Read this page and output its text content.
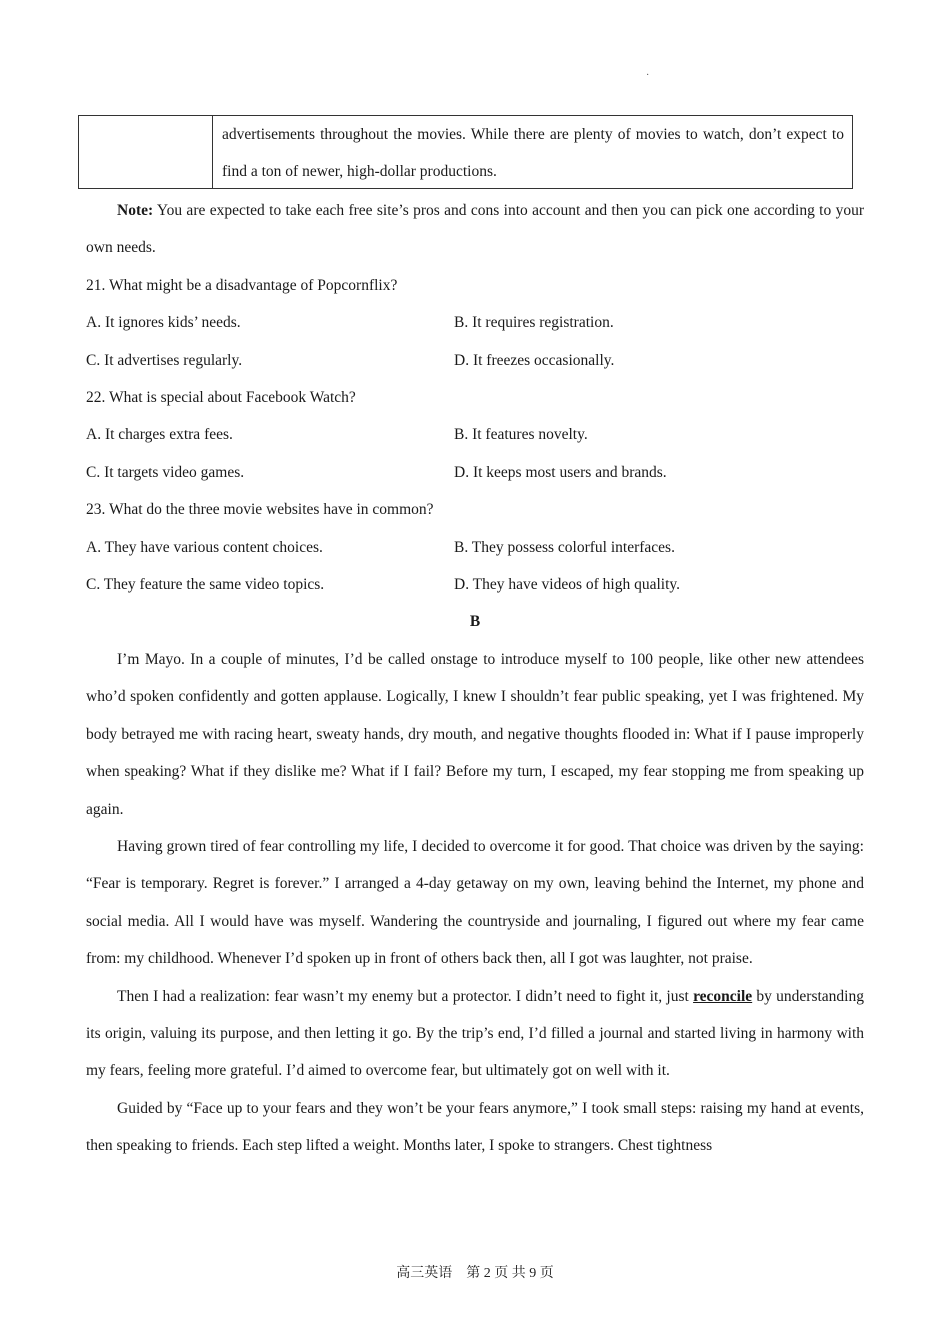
·
advertisements throughout the movies. While there are plenty of movies to watch, don’t expect to find a ton of newer, high-dollar productions.

Note: You are expected to take each free site’s pros and cons into account and then you can pick one according to your own needs.

21. What might be a disadvantage of Popcornflix?

A. It ignores kids’ needs.	B. It requires registration.
C. It advertises regularly.	D. It freezes occasionally.

22. What is special about Facebook Watch?

A. It charges extra fees.	B. It features novelty.
C. It targets video games.	D. It keeps most users and brands.

23. What do the three movie websites have in common?

A. They have various content choices.	B. They possess colorful interfaces.
C. They feature the same video topics.	D. They have videos of high quality.

B

I’m Mayo. In a couple of minutes, I’d be called onstage to introduce myself to 100 people, like other new attendees who’d spoken confidently and gotten applause. Logically, I knew I shouldn’t fear public speaking, yet I was frightened. My body betrayed me with racing heart, sweaty hands, dry mouth, and negative thoughts flooded in: What if I pause improperly when speaking? What if they dislike me? What if I fail? Before my turn, I escaped, my fear stopping me from speaking up again.

Having grown tired of fear controlling my life, I decided to overcome it for good. That choice was driven by the saying: “Fear is temporary. Regret is forever.” I arranged a 4-day getaway on my own, leaving behind the Internet, my phone and social media. All I would have was myself. Wandering the countryside and journaling, I figured out where my fear came from: my childhood. Whenever I’d spoken up in front of others back then, all I got was laughter, not praise.

Then I had a realization: fear wasn’t my enemy but a protector. I didn’t need to fight it, just reconcile by understanding its origin, valuing its purpose, and then letting it go. By the trip’s end, I’d filled a journal and started living in harmony with my fears, feeling more grateful. I’d aimed to overcome fear, but ultimately got on well with it.

Guided by “Face up to your fears and they won’t be your fears anymore,” I took small steps: raising my hand at events, then speaking to friends. Each step lifted a weight. Months later, I spoke to strangers. Chest tightness

高三英语　第 2 页 共 9 页
